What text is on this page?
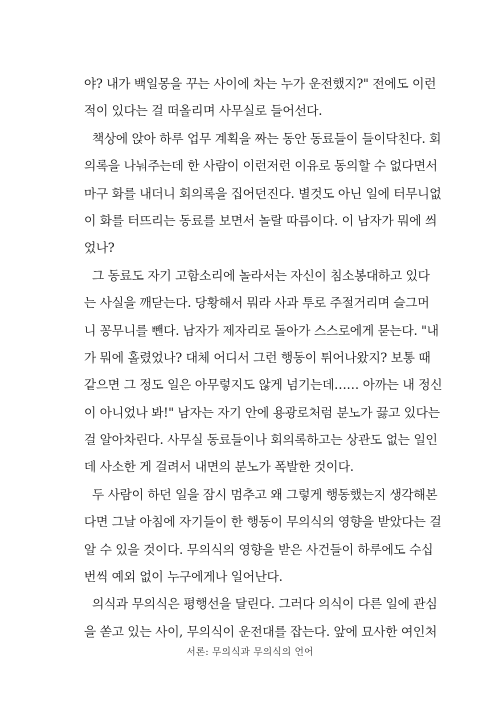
야? 내가 백일몽을 꾸는 사이에 차는 누가 운전했지?" 전에도 이런
적이 있다는 걸 떠올리며 사무실로 들어선다.
책상에 앉아 하루 업무 계획을 짜는 동안 동료들이 들이닥친다. 회
의록을 나눠주는데 한 사람이 이런저런 이유로 동의할 수 없다면서
마구 화를 내더니 회의록을 집어던진다. 별것도 아닌 일에 터무니없
이 화를 터뜨리는 동료를 보면서 놀랄 따름이다. 이 남자가 뭐에 씌
었나?
그 동료도 자기 고함소리에 놀라서는 자신이 침소봉대하고 있다
는 사실을 깨닫는다. 당황해서 뭐라 사과 투로 주절거리며 슬그머
니 꽁무니를 뺀다. 남자가 제자리로 돌아가 스스로에게 묻는다. "내
가 뭐에 홀렸었나? 대체 어디서 그런 행동이 튀어나왔지? 보통 때
같으면 그 정도 일은 아무렇지도 않게 넘기는데…… 아까는 내 정신
이 아니었나 봐!" 남자는 자기 안에 용광로처럼 분노가 끓고 있다는
걸 알아차린다. 사무실 동료들이나 회의록하고는 상관도 없는 일인
데 사소한 게 걸려서 내면의 분노가 폭발한 것이다.
두 사람이 하던 일을 잠시 멈추고 왜 그렇게 행동했는지 생각해본
다면 그날 아침에 자기들이 한 행동이 무의식의 영향을 받았다는 걸
알 수 있을 것이다. 무의식의 영향을 받은 사건들이 하루에도 수십
번씩 예외 없이 누구에게나 일어난다.
의식과 무의식은 평행선을 달린다. 그러다 의식이 다른 일에 관심
을 쏟고 있는 사이, 무의식이 운전대를 잡는다. 앞에 묘사한 여인처
서론: 무의식과 무의식의 언어
